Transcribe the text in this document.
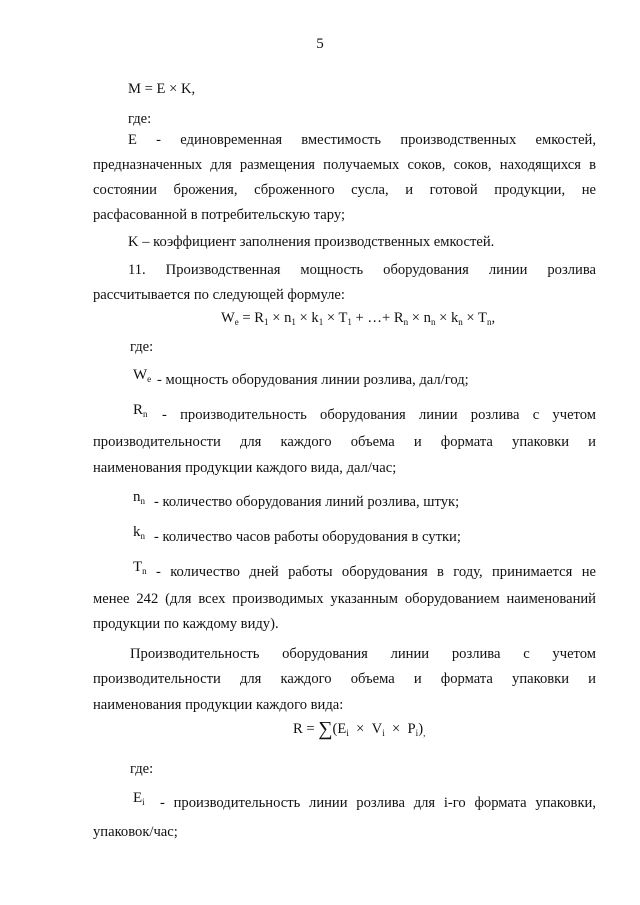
5
M = E × K,
где:
E - единовременная вместимость производственных емкостей,
предназначенных для размещения получаемых соков, соков, находящихся в
состоянии брожения, сброженного сусла, и готовой продукции, не
расфасованной в потребительскую тару;
K – коэффициент заполнения производственных емкостей.
11. Производственная мощность оборудования линии розлива
рассчитывается по следующей формуле:
$W_e = R_1 \times n_1 \times k_1 \times T_1$ + …+ $R_n \times n_n \times k_n \times T_n$,
где:
$W_e$ - мощность оборудования линии розлива, дал/год;
$R_n$ - производительность оборудования линии розлива с учетом
производительности для каждого объема и формата упаковки и
наименования продукции каждого вида, дал/час;
$n_n$ - количество оборудования линий розлива, штук;
$k_n$ - количество часов работы оборудования в сутки;
$T_n$ - количество дней работы оборудования в году, принимается не
менее 242 (для всех производимых указанным оборудованием наименований
продукции по каждому виду).
Производительность оборудования линии розлива с учетом
производительности для каждого объема и формата упаковки и
наименования продукции каждого вида:
$R = \sum(E_i \times V_i \times P_i)_,$
где:
$E_i$ - производительность линии розлива для i-го формата упаковки,
упаковок/час;
